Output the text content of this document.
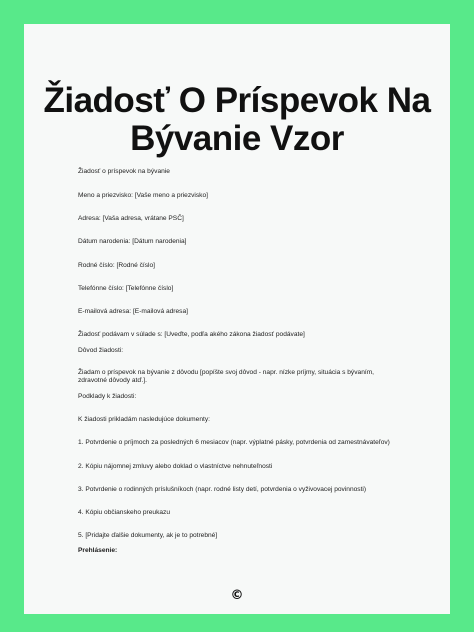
Žiadosť O Príspevok Na
Bývanie Vzor
Žiadosť o príspevok na bývanie
Meno a priezvisko: [Vaše meno a priezvisko]
Adresa: [Vaša adresa, vrátane PSČ]
Dátum narodenia: [Dátum narodenia]
Rodné číslo: [Rodné číslo]
Telefónne číslo: [Telefónne číslo]
E-mailová adresa: [E-mailová adresa]
Žiadosť podávam v súlade s: [Uveďte, podľa akého zákona žiadosť podávate]
Dôvod žiadosti:
Žiadam o príspevok na bývanie z dôvodu [popíšte svoj dôvod - napr. nízke príjmy, situácia s bývaním, zdravotné dôvody atď.].
Podklady k žiadosti:
K žiadosti prikladám nasledujúce dokumenty:
1. Potvrdenie o príjmoch za posledných 6 mesiacov (napr. výplatné pásky, potvrdenia od zamestnávateľov)
2. Kópiu nájomnej zmluvy alebo doklad o vlastníctve nehnuteľnosti
3. Potvrdenie o rodinných príslušníkoch (napr. rodné listy detí, potvrdenia o vyživovacej povinnosti)
4. Kópiu občianskeho preukazu
5. [Pridajte ďalšie dokumenty, ak je to potrebné]
Prehlásenie:
©
